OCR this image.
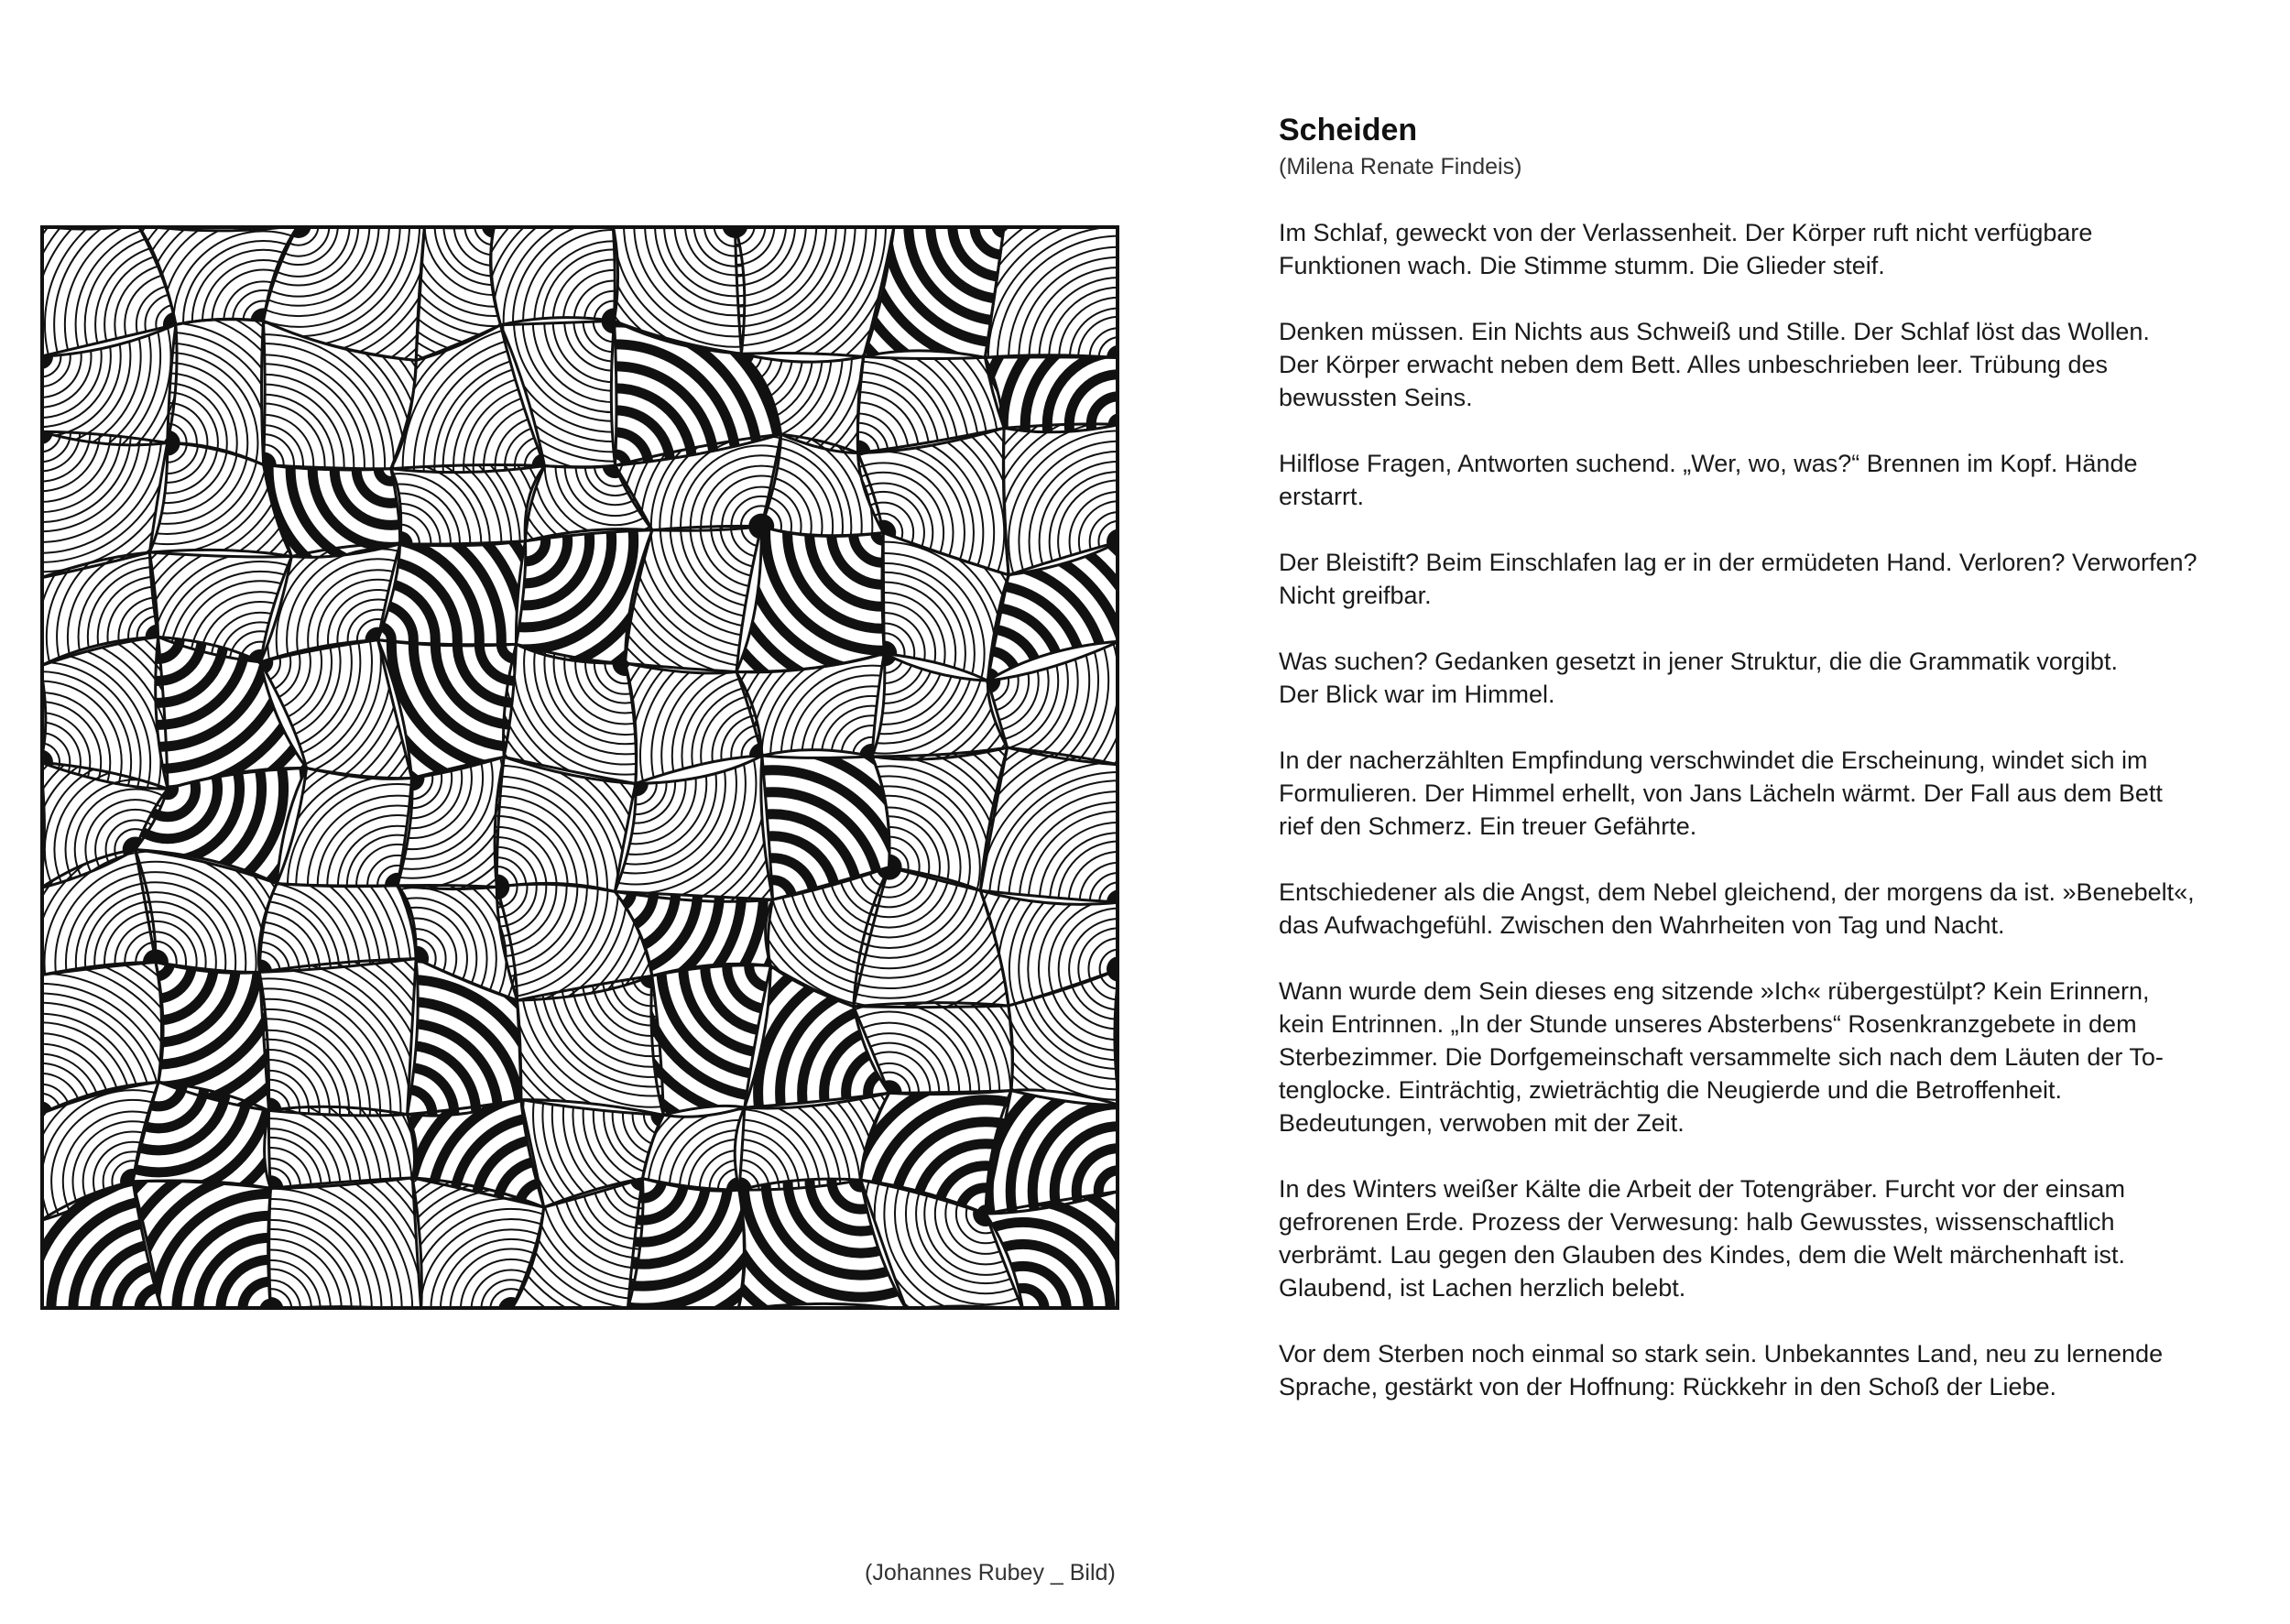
(Johannes Rubey _ Bild)
Scheiden
(Milena Renate Findeis)

Im Schlaf, geweckt von der Verlassenheit. Der Körper ruft nicht verfügbare
Funktionen wach. Die Stimme stumm. Die Glieder steif.

Denken müssen. Ein Nichts aus Schweiß und Stille. Der Schlaf löst das Wollen.
Der Körper erwacht neben dem Bett. Alles unbeschrieben leer. Trübung des
bewussten Seins.

Hilflose Fragen, Antworten suchend. „Wer, wo, was?“ Brennen im Kopf. Hände
erstarrt.

Der Bleistift? Beim Einschlafen lag er in der ermüdeten Hand. Verloren? Verworfen?
Nicht greifbar.

Was suchen? Gedanken gesetzt in jener Struktur, die die Grammatik vorgibt.
Der Blick war im Himmel.

In der nacherzählten Empfindung verschwindet die Erscheinung, windet sich im
Formulieren. Der Himmel erhellt, von Jans Lächeln wärmt. Der Fall aus dem Bett
rief den Schmerz. Ein treuer Gefährte.

Entschiedener als die Angst, dem Nebel gleichend, der morgens da ist. »Benebelt«,
das Aufwachgefühl. Zwischen den Wahrheiten von Tag und Nacht.

Wann wurde dem Sein dieses eng sitzende »Ich« rübergestülpt? Kein Erinnern,
kein Entrinnen. „In der Stunde unseres Absterbens“ Rosenkranzgebete in dem
Sterbezimmer. Die Dorfgemeinschaft versammelte sich nach dem Läuten der To-
tenglocke. Einträchtig, zwieträchtig die Neugierde und die Betroffenheit.
Bedeutungen, verwoben mit der Zeit.

In des Winters weißer Kälte die Arbeit der Totengräber. Furcht vor der einsam
gefrorenen Erde. Prozess der Verwesung: halb Gewusstes, wissenschaftlich
verbrämt. Lau gegen den Glauben des Kindes, dem die Welt märchenhaft ist.
Glaubend, ist Lachen herzlich belebt.

Vor dem Sterben noch einmal so stark sein. Unbekanntes Land, neu zu lernende
Sprache, gestärkt von der Hoffnung: Rückkehr in den Schoß der Liebe.
